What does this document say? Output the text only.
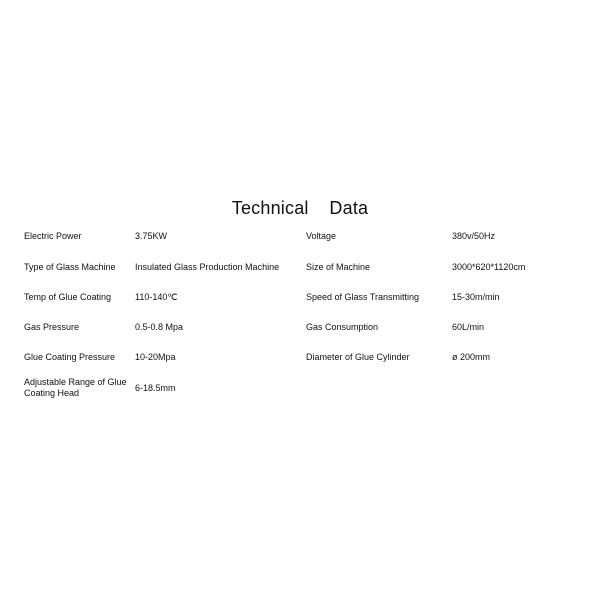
Technical    Data
Electric Power	3.75KW	Voltage	380v/50Hz
Type of Glass Machine	Insulated Glass Production Machine	Size of Machine	3000*620*1120cm
Temp of Glue Coating	110-140℃	Speed of Glass Transmitting	15-30m/min
Gas Pressure	0.5-0.8 Mpa	Gas Consumption	60L/min
Glue Coating Pressure	10-20Mpa	Diameter of Glue Cylinder	ø 200mm
Adjustable Range of Glue Coating Head	6-18.5mm
